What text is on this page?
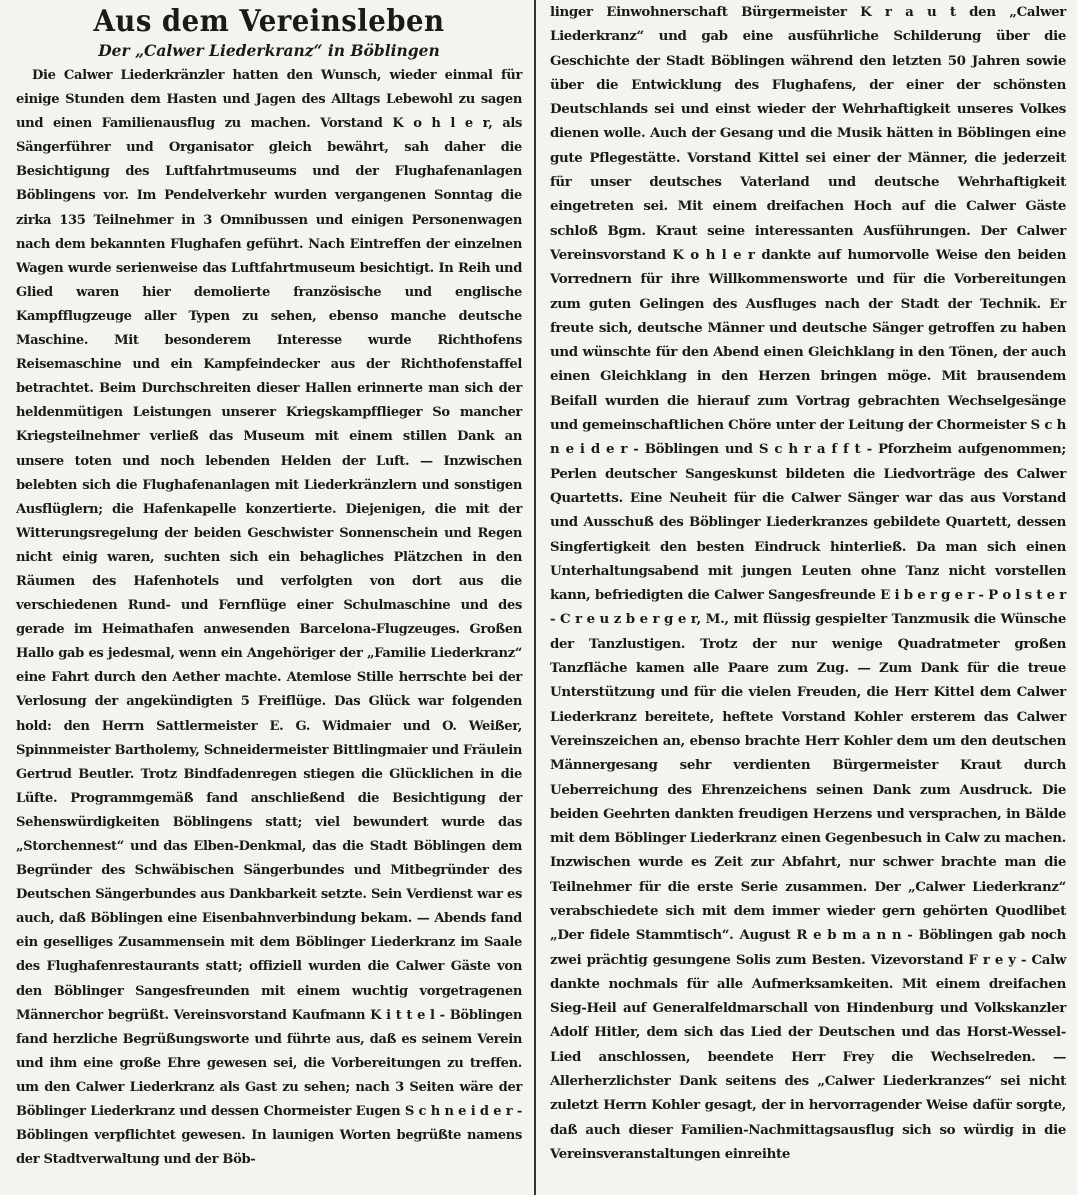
Aus dem Vereinsleben
Der „Calwer Liederkranz“ in Böblingen

Die Calwer Liederkränzler hatten den Wunsch, wieder einmal für einige Stunden dem Hasten und Jagen des Alltags Lebewohl zu sagen und einen Familienausflug zu machen. Vorstand K o h l e r, als Sängerführer und Organisator gleich bewährt, sah daher die Besichtigung des Luftfahrtmuseums und der Flughafenanlagen Böblingens vor. Im Pendelverkehr wurden vergangenen Sonntag die zirka 135 Teilnehmer in 3 Omnibussen und einigen Personenwagen nach dem bekannten Flughafen geführt. Nach Eintreffen der einzelnen Wagen wurde serienweise das Luftfahrtmuseum besichtigt. In Reih und Glied waren hier demolierte französische und englische Kampfflugzeuge aller Typen zu sehen, ebenso manche deutsche Maschine. Mit besonderem Interesse wurde Richthofens Reisemaschine und ein Kampfeindecker aus der Richthofenstaffel betrachtet. Beim Durchschreiten dieser Hallen erinnerte man sich der heldenmütigen Leistungen unserer Kriegskampfflieger So mancher Kriegsteilnehmer verließ das Museum mit einem stillen Dank an unsere toten und noch lebenden Helden der Luft. — Inzwischen belebten sich die Flughafenanlagen mit Liederkränzlern und sonstigen Ausflüglern; die Hafenkapelle konzertierte. Diejenigen, die mit der Witterungsregelung der beiden Geschwister Sonnenschein und Regen nicht einig waren, suchten sich ein behagliches Plätzchen in den Räumen des Hafenhotels und verfolgten von dort aus die verschiedenen Rund- und Fernflüge einer Schulmaschine und des gerade im Heimathafen anwesenden Barcelona-Flugzeuges. Großen Hallo gab es jedesmal, wenn ein Angehöriger der „Familie Liederkranz“ eine Fahrt durch den Aether machte. Atemlose Stille herrschte bei der Verlosung der angekündigten 5 Freiflüge. Das Glück war folgenden hold: den Herrn Sattlermeister E. G. Widmaier und O. Weißer, Spinnmeister Bartholemy, Schneidermeister Bittlingmaier und Fräulein Gertrud Beutler. Trotz Bindfadenregen stiegen die Glücklichen in die Lüfte. Programmgemäß fand anschließend die Besichtigung der Sehenswürdigkeiten Böblingens statt; viel bewundert wurde das „Storchennest“ und das Elben-Denkmal, das die Stadt Böblingen dem Begründer des Schwäbischen Sängerbundes und Mitbegründer des Deutschen Sängerbundes aus Dankbarkeit setzte. Sein Verdienst war es auch, daß Böblingen eine Eisenbahnverbindung bekam. — Abends fand ein geselliges Zusammensein mit dem Böblinger Liederkranz im Saale des Flughafenrestaurants statt; offiziell wurden die Calwer Gäste von den Böblinger Sangesfreunden mit einem wuchtig vorgetragenen Männerchor begrüßt. Vereinsvorstand Kaufmann K i t t e l - Böblingen fand herzliche Begrüßungsworte und führte aus, daß es seinem Verein und ihm eine große Ehre gewesen sei, die Vorbereitungen zu treffen. um den Calwer Liederkranz als Gast zu sehen; nach 3 Seiten wäre der Böblinger Liederkranz und dessen Chormeister Eugen S c h n e i d e r - Böblingen verpflichtet gewesen. In launigen Worten begrüßte namens der Stadtverwaltung und der Böb-

linger Einwohnerschaft Bürgermeister K r a u t den „Calwer Liederkranz“ und gab eine ausführliche Schilderung über die Geschichte der Stadt Böblingen während den letzten 50 Jahren sowie über die Entwicklung des Flughafens, der einer der schönsten Deutschlands sei und einst wieder der Wehrhaftigkeit unseres Volkes dienen wolle. Auch der Gesang und die Musik hätten in Böblingen eine gute Pflegestätte. Vorstand Kittel sei einer der Männer, die jederzeit für unser deutsches Vaterland und deutsche Wehrhaftigkeit eingetreten sei. Mit einem dreifachen Hoch auf die Calwer Gäste schloß Bgm. Kraut seine interessanten Ausführungen. Der Calwer Vereinsvorstand K o h l e r dankte auf humorvolle Weise den beiden Vorrednern für ihre Willkommensworte und für die Vorbereitungen zum guten Gelingen des Ausfluges nach der Stadt der Technik. Er freute sich, deutsche Männer und deutsche Sänger getroffen zu haben und wünschte für den Abend einen Gleichklang in den Tönen, der auch einen Gleichklang in den Herzen bringen möge. Mit brausendem Beifall wurden die hierauf zum Vortrag gebrachten Wechselgesänge und gemeinschaftlichen Chöre unter der Leitung der Chormeister S c h n e i d e r - Böblingen und S c h r a f f t - Pforzheim aufgenommen; Perlen deutscher Sangeskunst bildeten die Liedvorträge des Calwer Quartetts. Eine Neuheit für die Calwer Sänger war das aus Vorstand und Ausschuß des Böblinger Liederkranzes gebildete Quartett, dessen Singfertigkeit den besten Eindruck hinterließ. Da man sich einen Unterhaltungsabend mit jungen Leuten ohne Tanz nicht vorstellen kann, befriedigten die Calwer Sangesfreunde E i b e r g e r - P o l s t e r - C r e u z b e r g e r, M., mit flüssig gespielter Tanzmusik die Wünsche der Tanzlustigen. Trotz der nur wenige Quadratmeter großen Tanzfläche kamen alle Paare zum Zug. — Zum Dank für die treue Unterstützung und für die vielen Freuden, die Herr Kittel dem Calwer Liederkranz bereitete, heftete Vorstand Kohler ersterem das Calwer Vereinszeichen an, ebenso brachte Herr Kohler dem um den deutschen Männergesang sehr verdienten Bürgermeister Kraut durch Ueberreichung des Ehrenzeichens seinen Dank zum Ausdruck. Die beiden Geehrten dankten freudigen Herzens und versprachen, in Bälde mit dem Böblinger Liederkranz einen Gegenbesuch in Calw zu machen. Inzwischen wurde es Zeit zur Abfahrt, nur schwer brachte man die Teilnehmer für die erste Serie zusammen. Der „Calwer Liederkranz“ verabschiedete sich mit dem immer wieder gern gehörten Quodlibet „Der fidele Stammtisch“. August R e b m a n n - Böblingen gab noch zwei prächtig gesungene Solis zum Besten. Vizevorstand F r e y - Calw dankte nochmals für alle Aufmerksamkeiten. Mit einem dreifachen Sieg-Heil auf Generalfeldmarschall von Hindenburg und Volkskanzler Adolf Hitler, dem sich das Lied der Deutschen und das Horst-Wessel-Lied anschlossen, beendete Herr Frey die Wechselreden. — Allerherzlichster Dank seitens des „Calwer Liederkranzes“ sei nicht zuletzt Herrn Kohler gesagt, der in hervorragender Weise dafür sorgte, daß auch dieser Familien-Nachmittagsausflug sich so würdig in die Vereinsveranstaltungen einreihte
